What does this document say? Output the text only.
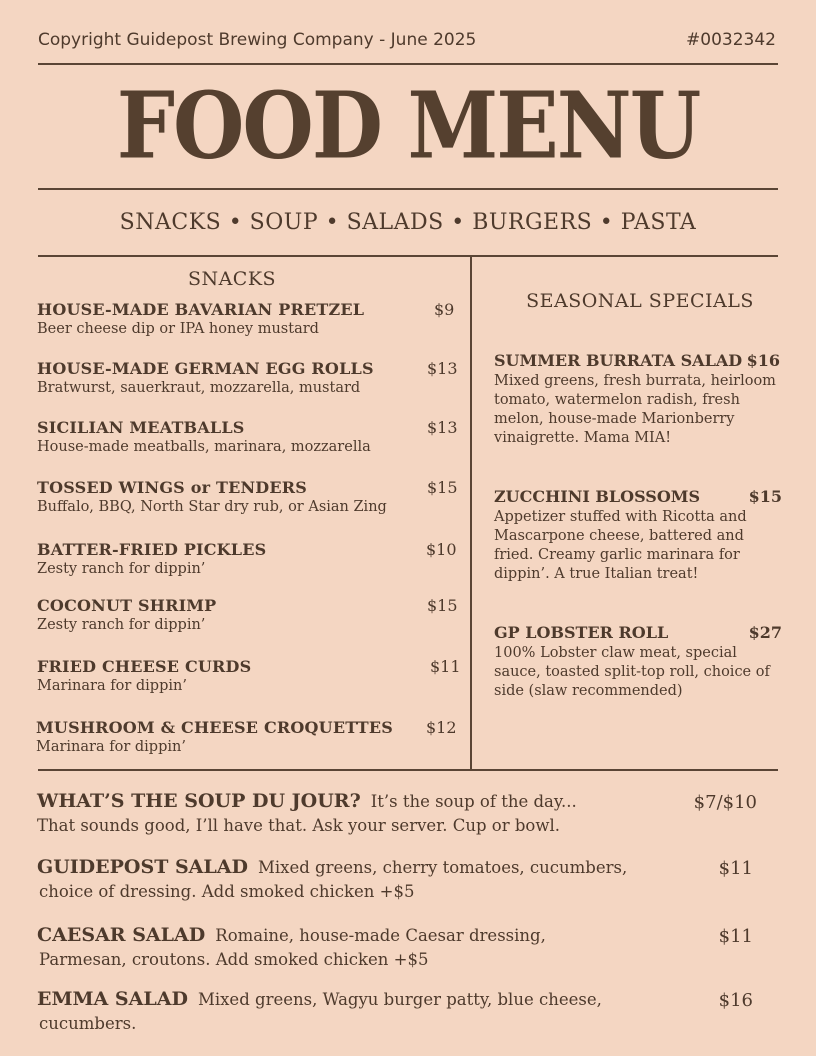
Copyright Guidepost Brewing Company - June 2025	#0032342
FOOD MENU
SNACKS • SOUP • SALADS • BURGERS • PASTA
SNACKS
HOUSE-MADE BAVARIAN PRETZEL	$9
Beer cheese dip or IPA honey mustard
HOUSE-MADE GERMAN EGG ROLLS	$13
Bratwurst, sauerkraut, mozzarella, mustard
SICILIAN MEATBALLS	$13
House-made meatballs, marinara, mozzarella
TOSSED WINGS or TENDERS	$15
Buffalo, BBQ, North Star dry rub, or Asian Zing
BATTER-FRIED PICKLES	$10
Zesty ranch for dippin’
COCONUT SHRIMP	$15
Zesty ranch for dippin’
FRIED CHEESE CURDS	$11
Marinara for dippin’
MUSHROOM & CHEESE CROQUETTES	$12
Marinara for dippin’
SEASONAL SPECIALS
SUMMER BURRATA SALAD $16
Mixed greens, fresh burrata, heirloom tomato, watermelon radish, fresh melon, house-made Marionberry vinaigrette. Mama MIA!
ZUCCHINI BLOSSOMS	$15
Appetizer stuffed with Ricotta and Mascarpone cheese, battered and fried. Creamy garlic marinara for dippin’. A true Italian treat!
GP LOBSTER ROLL	$27
100% Lobster claw meat, special sauce, toasted split-top roll, choice of side (slaw recommended)
WHAT’S THE SOUP DU JOUR? It’s the soup of the day...
That sounds good, I’ll have that. Ask your server. Cup or bowl.
$7/$10
GUIDEPOST SALAD Mixed greens, cherry tomatoes, cucumbers,
choice of dressing. Add smoked chicken +$5
$11
CAESAR SALAD Romaine, house-made Caesar dressing,
Parmesan, croutons. Add smoked chicken +$5
$11
EMMA SALAD Mixed greens, Wagyu burger patty, blue cheese,
cucumbers.
$16
